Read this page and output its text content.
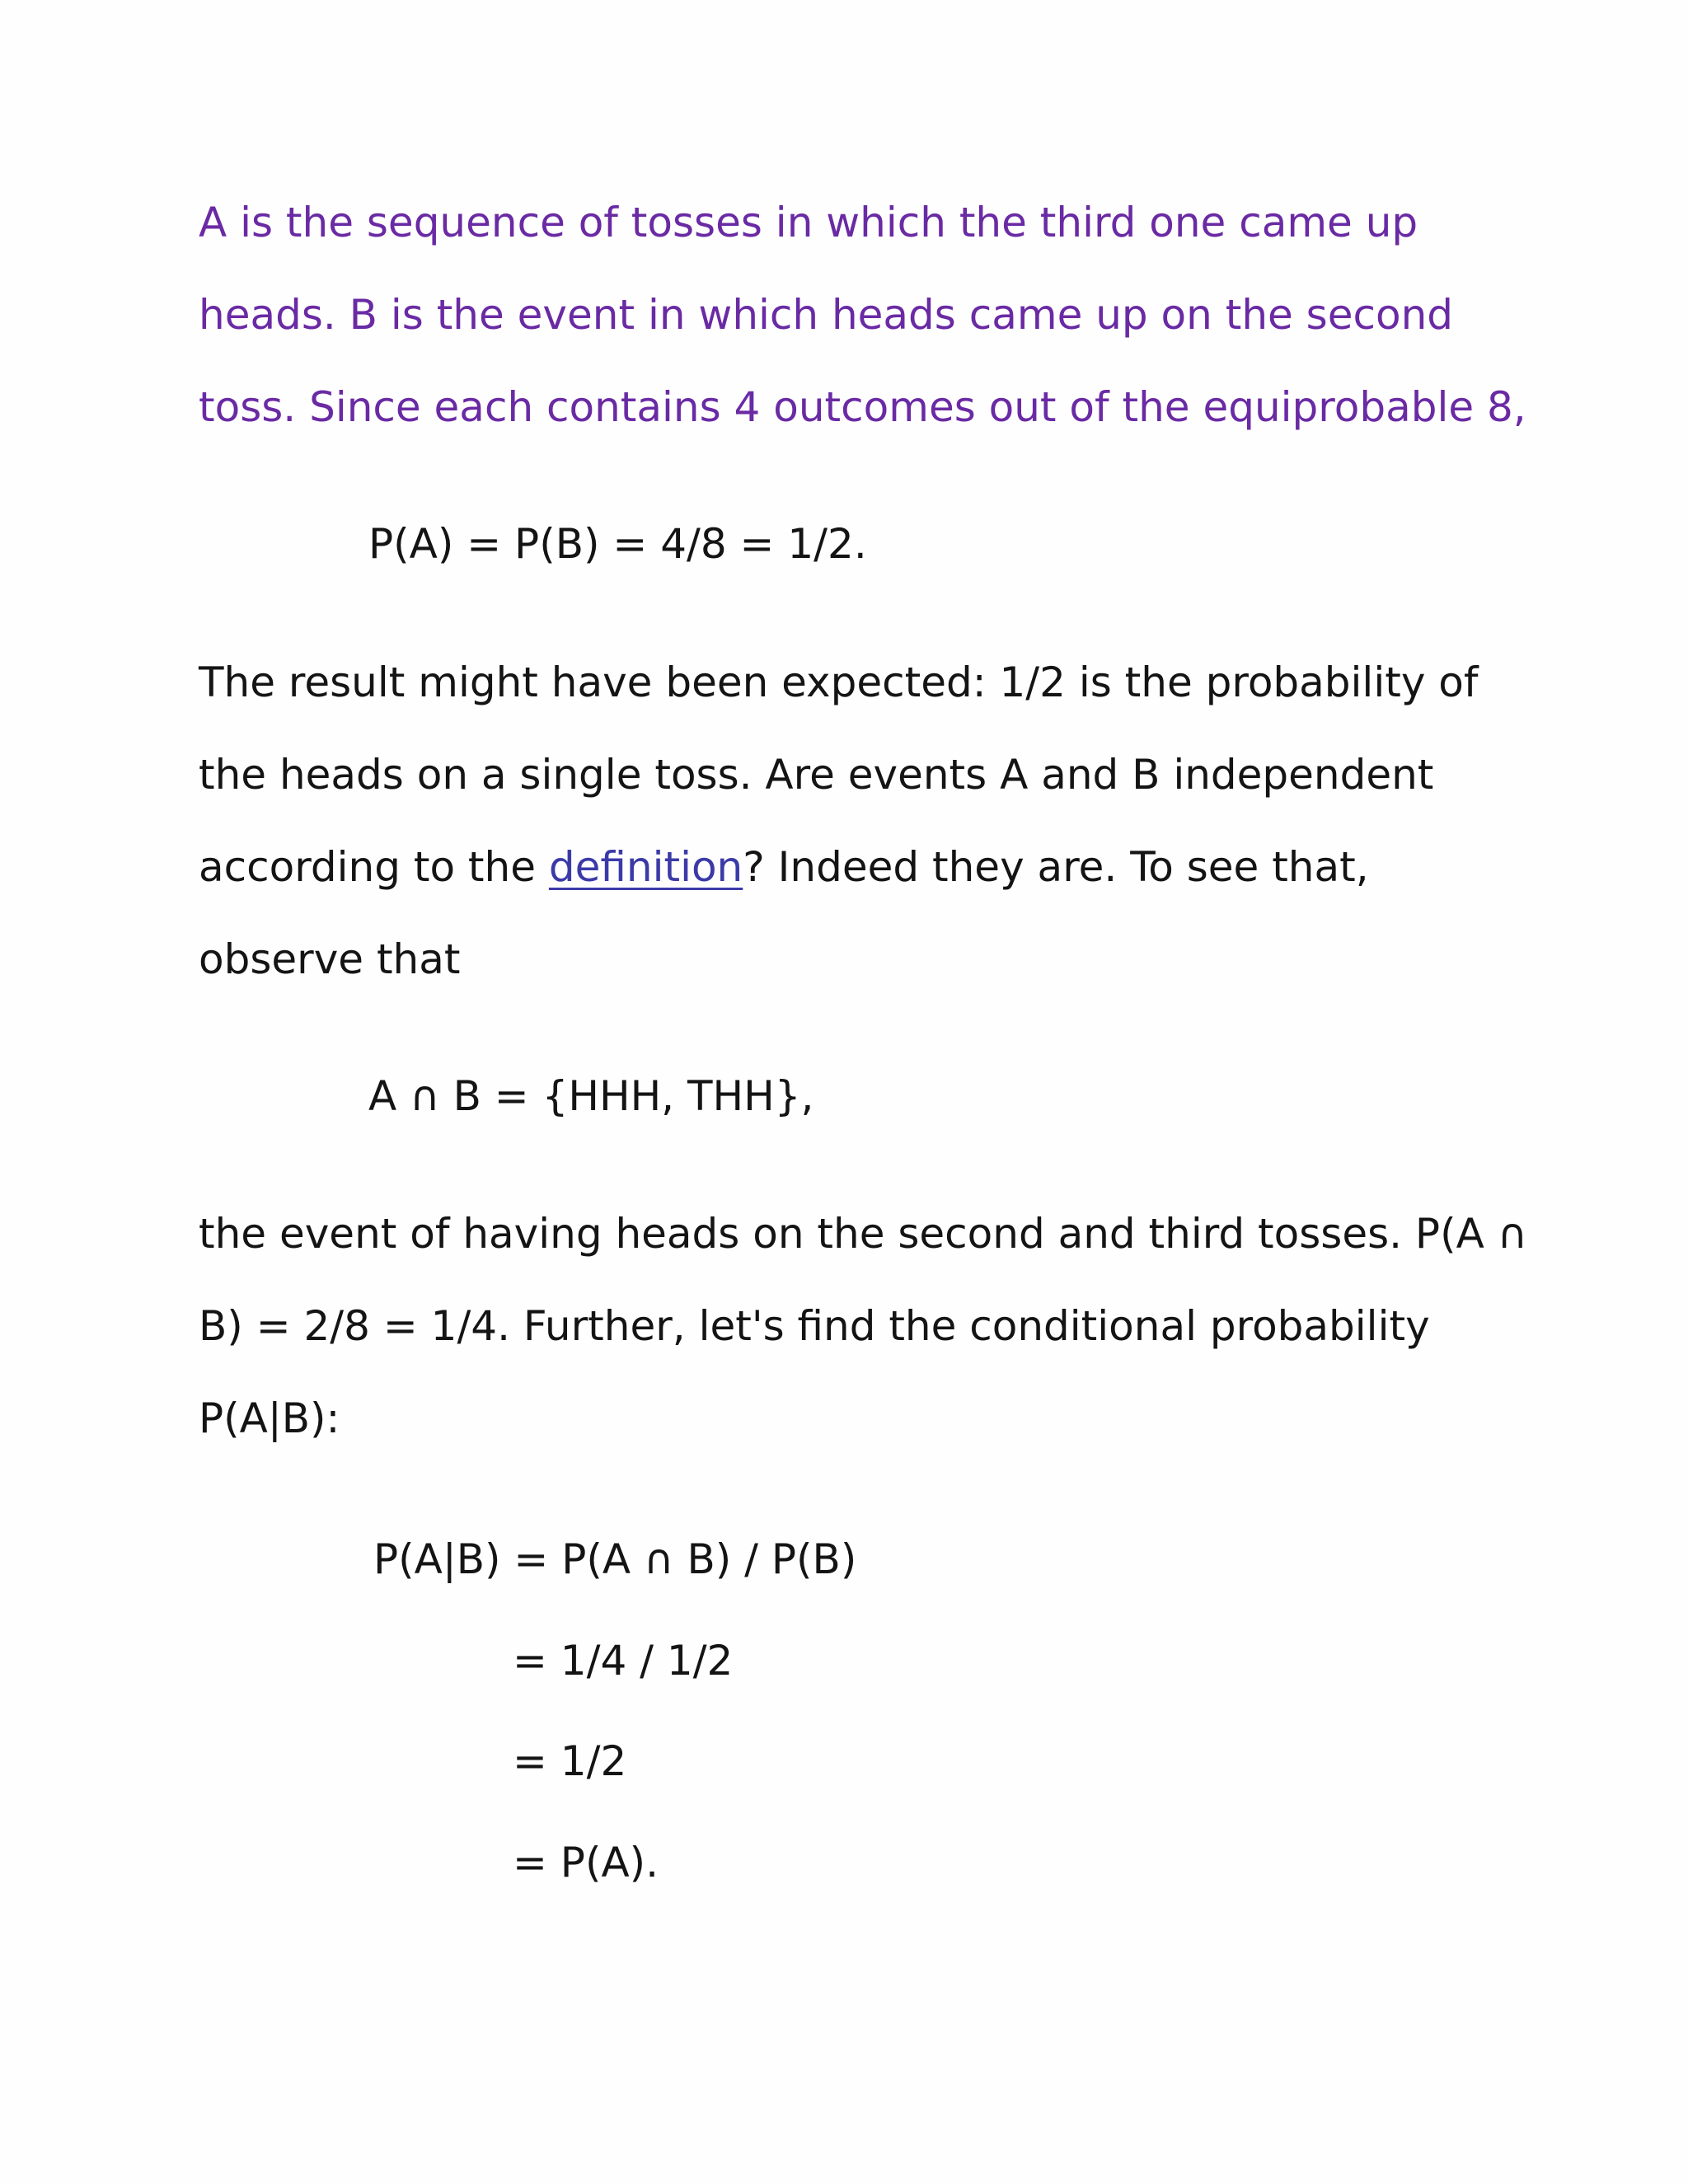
A is the sequence of tosses in which the third one came up
heads. B is the event in which heads came up on the second
toss. Since each contains 4 outcomes out of the equiprobable 8,
P(A) = P(B) = 4/8 = 1/2.
The result might have been expected: 1/2 is the probability of
the heads on a single toss. Are events A and B independent
according to the definition? Indeed they are. To see that,
observe that
A ∩ B = {HHH, THH},
the event of having heads on the second and third tosses. P(A ∩
B) = 2/8 = 1/4. Further, let's find the conditional probability
P(A|B):
P(A|B) = P(A ∩ B) / P(B)
= 1/4 / 1/2
= 1/2
= P(A).
